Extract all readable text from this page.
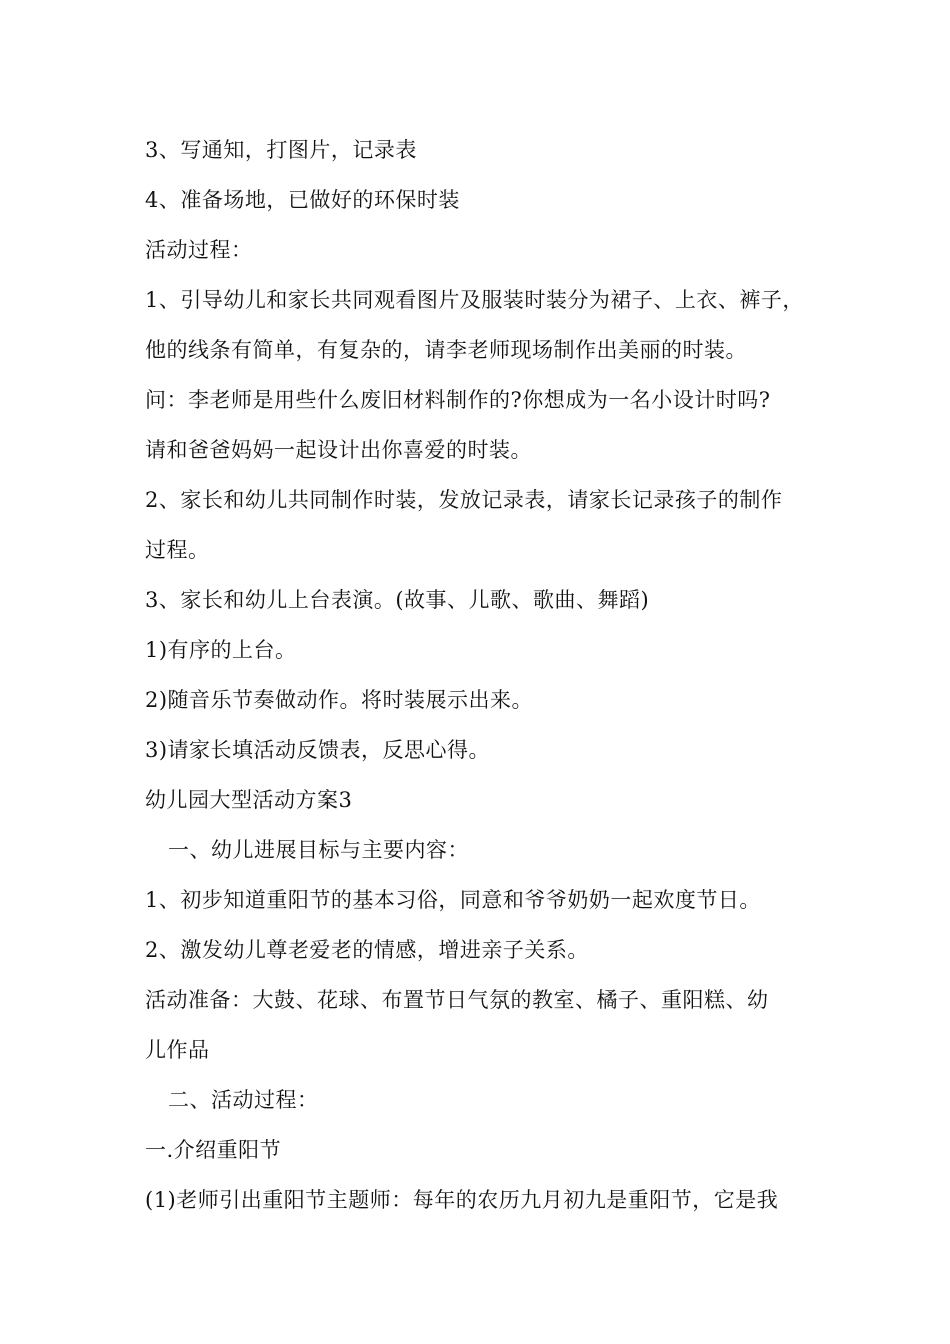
3、写通知，打图片，记录表
4、准备场地，已做好的环保时装
活动过程：
1、引导幼儿和家长共同观看图片及服装时装分为裙子、上衣、裤子，
他的线条有简单，有复杂的，请李老师现场制作出美丽的时装。
问：李老师是用些什么废旧材料制作的?你想成为一名小设计时吗?
请和爸爸妈妈一起设计出你喜爱的时装。
2、家长和幼儿共同制作时装，发放记录表，请家长记录孩子的制作
过程。
3、家长和幼儿上台表演。(故事、儿歌、歌曲、舞蹈)
1)有序的上台。
2)随音乐节奏做动作。将时装展示出来。
3)请家长填活动反馈表，反思心得。
幼儿园大型活动方案3
一、幼儿进展目标与主要内容：
1、初步知道重阳节的基本习俗，同意和爷爷奶奶一起欢度节日。
2、激发幼儿尊老爱老的情感，增进亲子关系。
活动准备：大鼓、花球、布置节日气氛的教室、橘子、重阳糕、幼
儿作品
二、活动过程：
一.介绍重阳节
(1)老师引出重阳节主题师：每年的农历九月初九是重阳节，它是我
